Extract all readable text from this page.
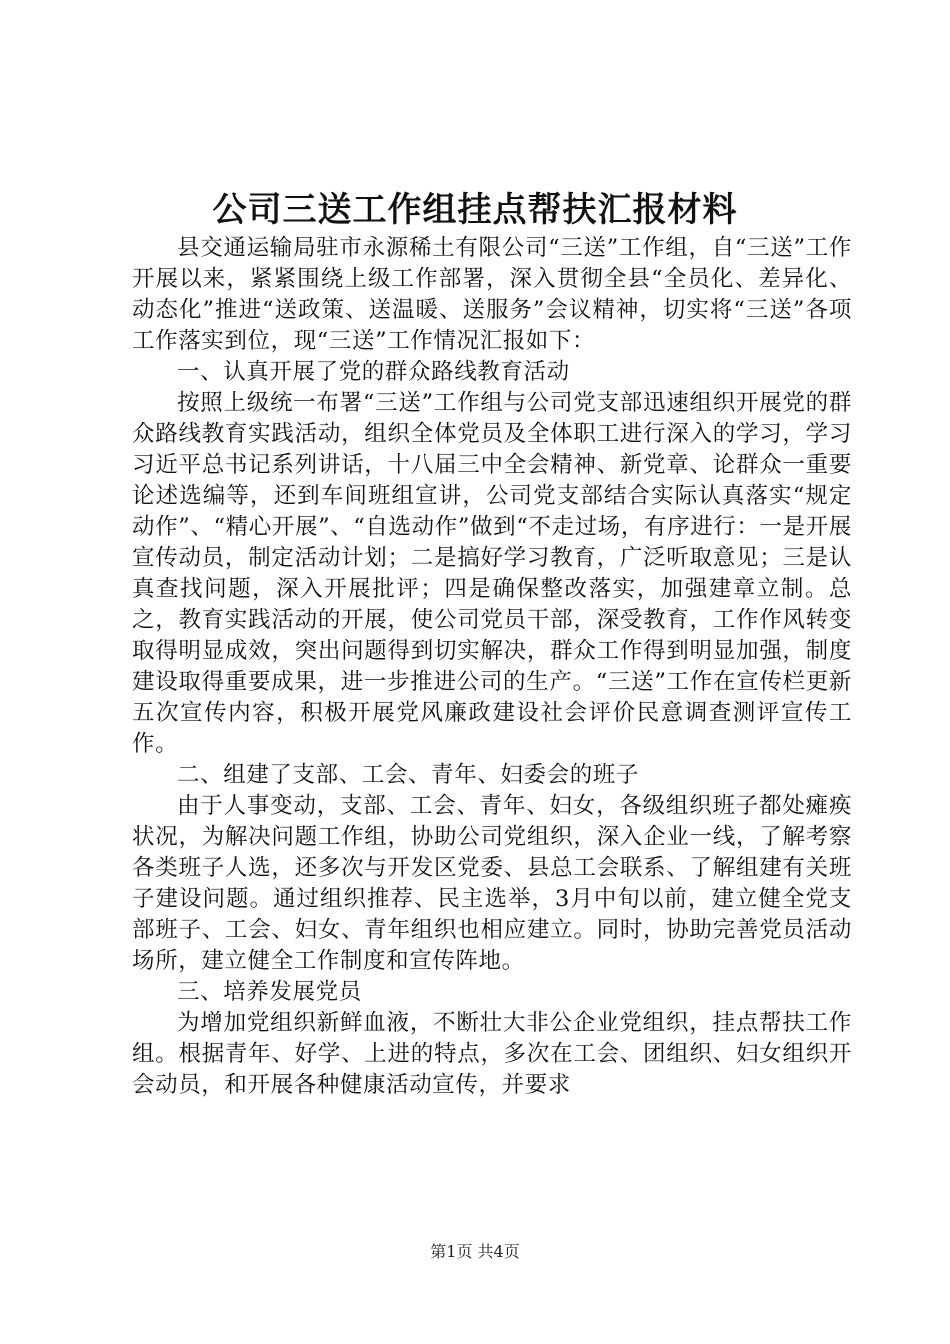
公司三送工作组挂点帮扶汇报材料

县交通运输局驻市永源稀土有限公司“三送”工作组，自“三送”工作开展以来，紧紧围绕上级工作部署，深入贯彻全县“全员化、差异化、动态化”推进“送政策、送温暖、送服务”会议精神，切实将“三送”各项工作落实到位，现“三送”工作情况汇报如下：

一、认真开展了党的群众路线教育活动

按照上级统一布署“三送”工作组与公司党支部迅速组织开展党的群众路线教育实践活动，组织全体党员及全体职工进行深入的学习，学习习近平总书记系列讲话，十八届三中全会精神、新党章、论群众一重要论述选编等，还到车间班组宣讲，公司党支部结合实际认真落实“规定动作”、“精心开展”、“自选动作”做到“不走过场，有序进行：一是开展宣传动员，制定活动计划；二是搞好学习教育，广泛听取意见；三是认真查找问题，深入开展批评；四是确保整改落实，加强建章立制。总之，教育实践活动的开展，使公司党员干部，深受教育，工作作风转变取得明显成效，突出问题得到切实解决，群众工作得到明显加强，制度建设取得重要成果，进一步推进公司的生产。“三送”工作在宣传栏更新五次宣传内容，积极开展党风廉政建设社会评价民意调查测评宣传工作。

二、组建了支部、工会、青年、妇委会的班子

由于人事变动，支部、工会、青年、妇女，各级组织班子都处瘫痪状况，为解决问题工作组，协助公司党组织，深入企业一线，了解考察各类班子人选，还多次与开发区党委、县总工会联系、了解组建有关班子建设问题。通过组织推荐、民主选举，3月中旬以前，建立健全党支部班子、工会、妇女、青年组织也相应建立。同时，协助完善党员活动场所，建立健全工作制度和宣传阵地。

三、培养发展党员

为增加党组织新鲜血液，不断壮大非公企业党组织，挂点帮扶工作组。根据青年、好学、上进的特点，多次在工会、团组织、妇女组织开会动员，和开展各种健康活动宣传，并要求

第1页 共4页
